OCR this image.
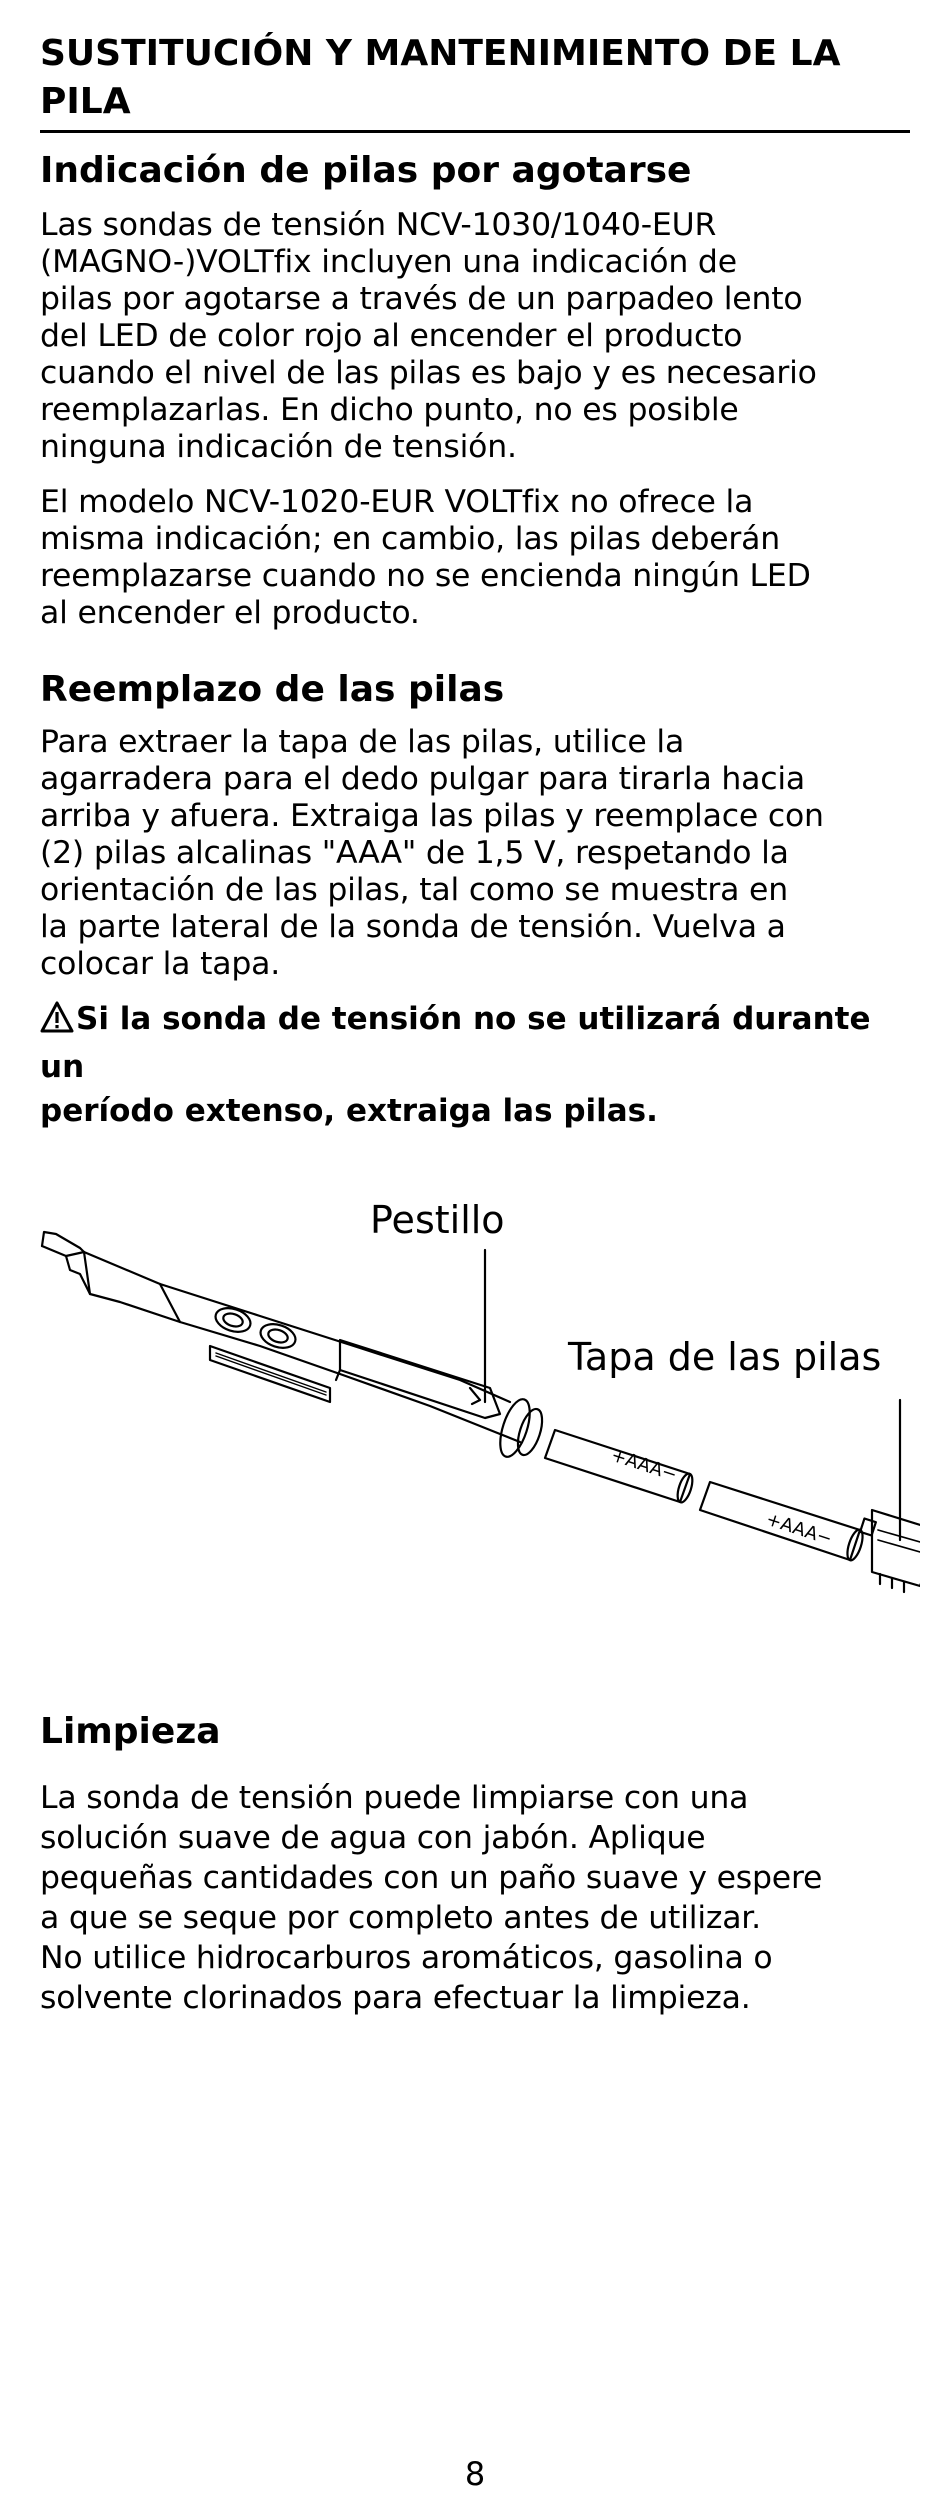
SUSTITUCIÓN Y MANTENIMIENTO DE LA
PILA
Indicación de pilas por agotarse

Las sondas de tensión NCV-1030/1040-EUR
(MAGNO-)VOLTfix incluyen una indicación de
pilas por agotarse a través de un parpadeo lento
del LED de color rojo al encender el producto
cuando el nivel de las pilas es bajo y es necesario
reemplazarlas. En dicho punto, no es posible
ninguna indicación de tensión.

El modelo NCV-1020-EUR VOLTfix no ofrece la
misma indicación; en cambio, las pilas deberán
reemplazarse cuando no se encienda ningún LED
al encender el producto.

Reemplazo de las pilas

Para extraer la tapa de las pilas, utilice la
agarradera para el dedo pulgar para tirarla hacia
arriba y afuera. Extraiga las pilas y reemplace con
(2) pilas alcalinas "AAA" de 1,5 V, respetando la
orientación de las pilas, tal como se muestra en
la parte lateral de la sonda de tensión. Vuelva a
colocar la tapa.

Si la sonda de tensión no se utilizará durante un
período extenso, extraiga las pilas.

+AAA−
+AAA−
Pestillo
Tapa de las pilas
Limpieza

La sonda de tensión puede limpiarse con una
solución suave de agua con jabón. Aplique
pequeñas cantidades con un paño suave y espere
a que se seque por completo antes de utilizar.
No utilice hidrocarburos aromáticos, gasolina o
solvente clorinados para efectuar la limpieza.

8
